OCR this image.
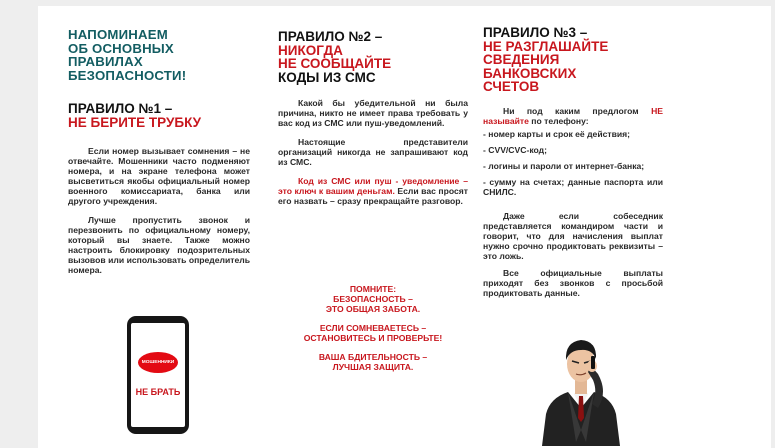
НАПОМИНАЕМ

ОБ ОСНОВНЫХ

ПРАВИЛАХ

БЕЗОПАСНОСТИ!

ПРАВИЛО №1 –

НЕ БЕРИТЕ ТРУБКУ

Если номер вызывает сомнения – не отвечайте. Мошенники часто подменяют номера, и на экране телефона может высветиться якобы официальный номер военного комиссариата, банка или другого учреждения.

Лучше пропустить звонок и перезвонить по официальному номеру, который вы знаете. Также можно настроить блокировку подозрительных вызовов или использовать определитель номера.

ПРАВИЛО №2 –

НИКОГДА

НЕ СООБЩАЙТЕ

КОДЫ ИЗ СМС

Какой бы убедительной ни была причина, никто не имеет права требовать у вас код из СМС или пуш-уведомлений.

Настоящие представители организаций никогда не запрашивают код из СМС.

Код из СМС или пуш - уведомление – это ключ к вашим деньгам. Если вас просят его назвать – сразу прекращайте разговор.

ПОМНИТЕ:
БЕЗОПАСНОСТЬ –
ЭТО ОБЩАЯ ЗАБОТА.
ЕСЛИ СОМНЕВАЕТЕСЬ –
ОСТАНОВИТЕСЬ И ПРОВЕРЬТЕ!
ВАША БДИТЕЛЬНОСТЬ –
ЛУЧШАЯ ЗАЩИТА.

ПРАВИЛО №3 –

НЕ РАЗГЛАШАЙТЕ

СВЕДЕНИЯ

БАНКОВСКИХ

СЧЕТОВ

Ни под каким предлогом НЕ называйте по телефону:

- номер карты и срок её действия;

- CVV/CVC-код;

- логины и пароли от интернет-банка;

- сумму на счетах; данные паспорта или СНИЛС.

Даже если собеседник представляется командиром части и говорит, что для начисления выплат нужно срочно продиктовать реквизиты – это ложь.

Все официальные выплаты приходят без звонков с просьбой продиктовать данные.

МОШЕННИКИ
НЕ БРАТЬ
